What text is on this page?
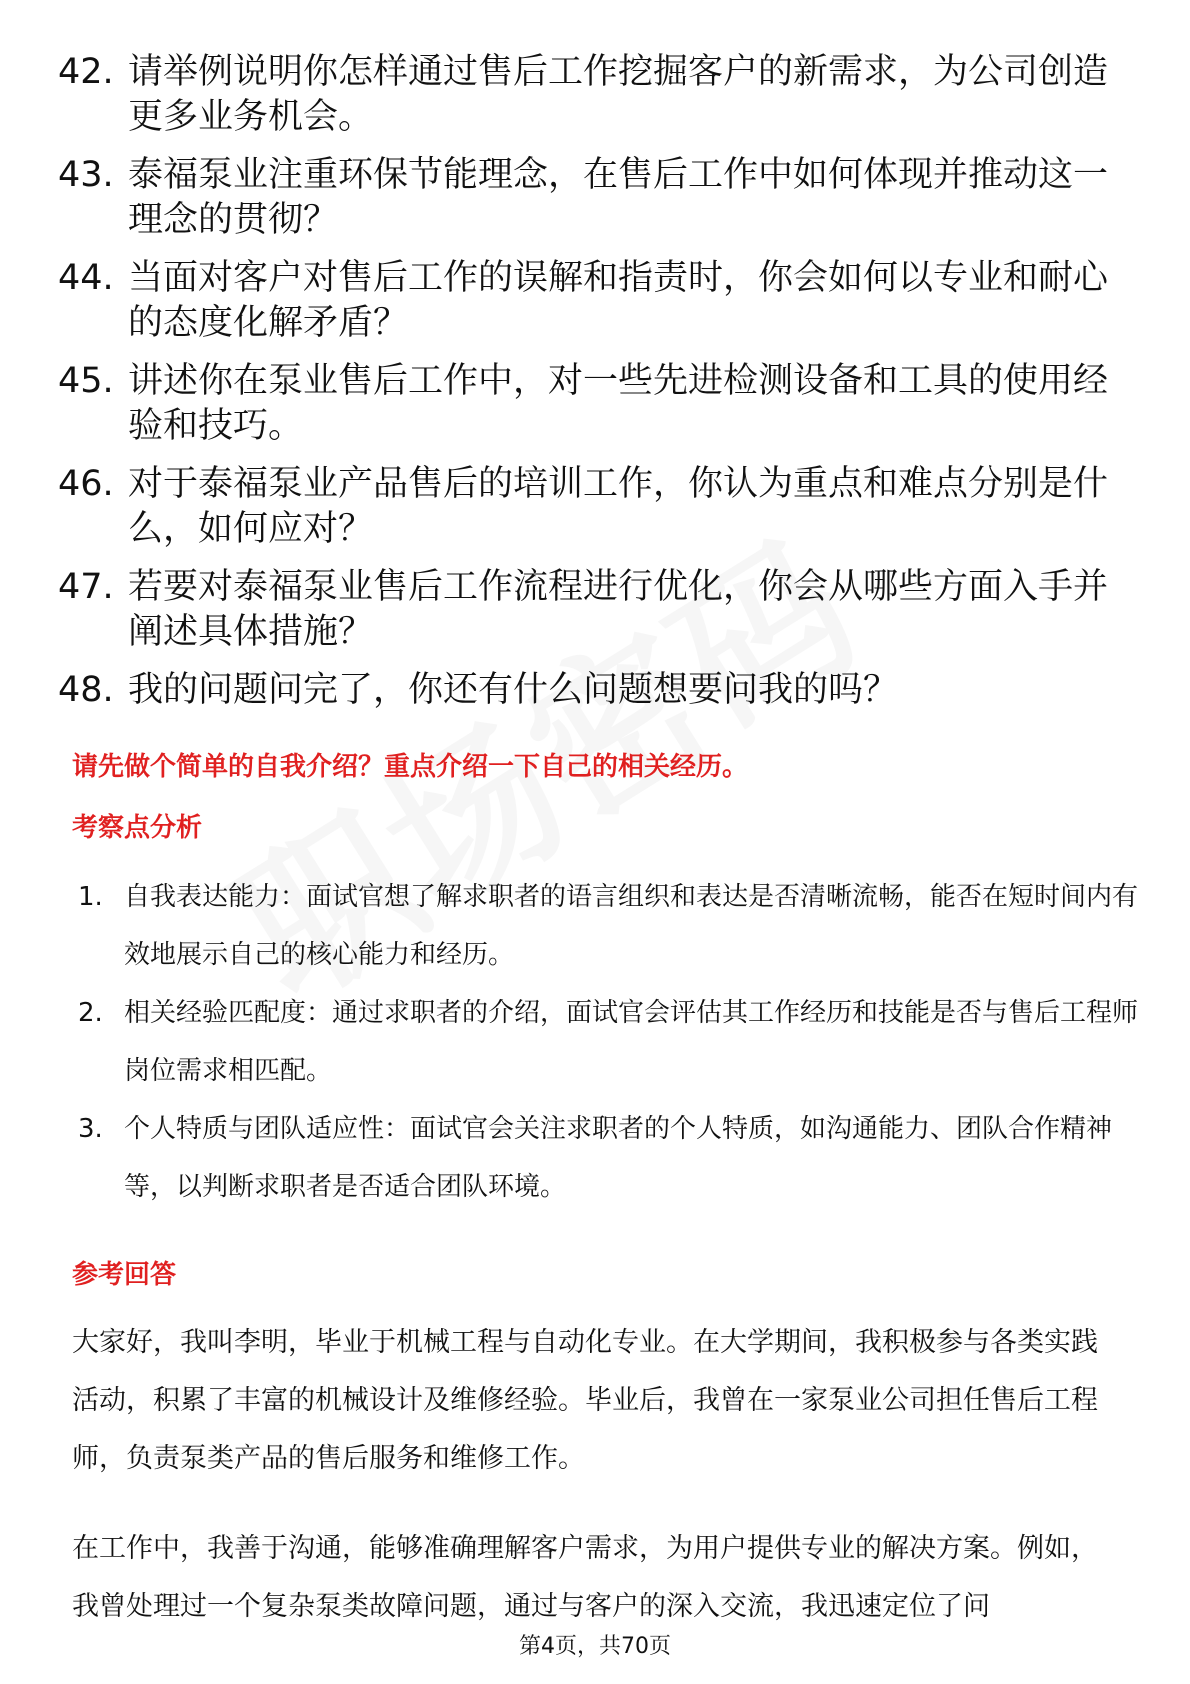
42. 请举例说明你怎样通过售后工作挖掘客户的新需求，为公司创造更多业务机会。
43. 泰福泵业注重环保节能理念，在售后工作中如何体现并推动这一理念的贯彻？
44. 当面对客户对售后工作的误解和指责时，你会如何以专业和耐心的态度化解矛盾？
45. 讲述你在泵业售后工作中，对一些先进检测设备和工具的使用经验和技巧。
46. 对于泰福泵业产品售后的培训工作，你认为重点和难点分别是什么，如何应对？
47. 若要对泰福泵业售后工作流程进行优化，你会从哪些方面入手并阐述具体措施？
48. 我的问题问完了，你还有什么问题想要问我的吗？
请先做个简单的自我介绍？重点介绍一下自己的相关经历。
考察点分析
1. 自我表达能力：面试官想了解求职者的语言组织和表达是否清晰流畅，能否在短时间内有效地展示自己的核心能力和经历。
2. 相关经验匹配度：通过求职者的介绍，面试官会评估其工作经历和技能是否与售后工程师岗位需求相匹配。
3. 个人特质与团队适应性：面试官会关注求职者的个人特质，如沟通能力、团队合作精神等，以判断求职者是否适合团队环境。
参考回答

大家好，我叫李明，毕业于机械工程与自动化专业。在大学期间，我积极参与各类实践活动，积累了丰富的机械设计及维修经验。毕业后，我曾在一家泵业公司担任售后工程师，负责泵类产品的售后服务和维修工作。

在工作中，我善于沟通，能够准确理解客户需求，为用户提供专业的解决方案。例如，我曾处理过一个复杂泵类故障问题，通过与客户的深入交流，我迅速定位了问

第4页，共70页
